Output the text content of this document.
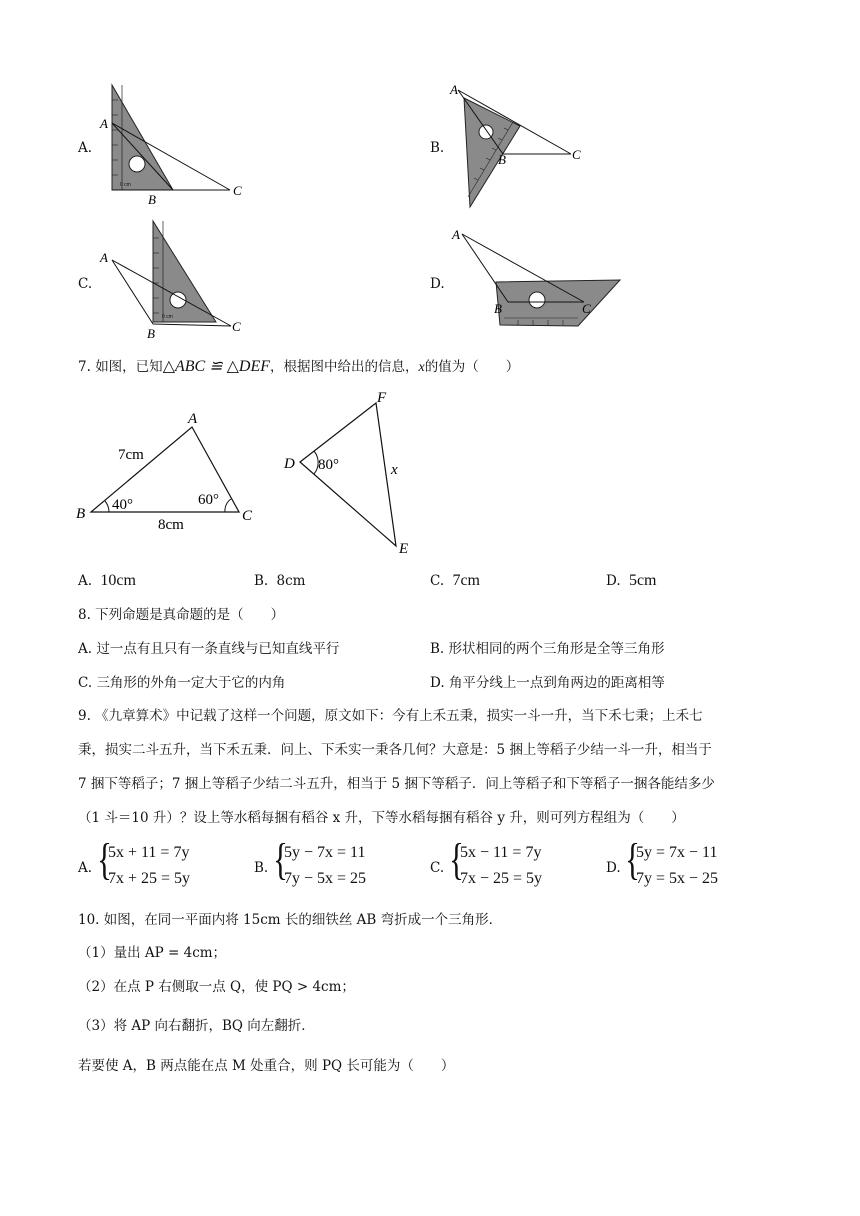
A.
0 cm
A
B
C
B.
A
B	C
C.
0 cm
A
B	C
D.
A
B	C
7. 如图，已知△ABC ≌ △DEF，根据图中给出的信息，x的值为（　　）
A
B	C
7cm
8cm
40°	60°
D
E
F
80°	x
A. 10cm	B. 8cm	C. 7cm	D. 5cm
8. 下列命题是真命题的是（　　）
A. 过一点有且只有一条直线与已知直线平行	B. 形状相同的两个三角形是全等三角形
C. 三角形的外角一定大于它的内角	D. 角平分线上一点到角两边的距离相等
9. 《九章算术》中记载了这样一个问题，原文如下：今有上禾五秉，损实一斗一升，当下禾七秉；上禾七
秉，损实二斗五升，当下禾五秉．问上、下禾实一秉各几何？大意是：5 捆上等稻子少结一斗一升，相当于
7 捆下等稻子；7 捆上等稻子少结二斗五升，相当于 5 捆下等稻子．问上等稻子和下等稻子一捆各能结多少
（1 斗＝10 升）？设上等水稻每捆有稻谷 x 升，下等水稻每捆有稻谷 y 升，则可列方程组为（　　）
A. {
5x + 11 = 7y
7x + 25 = 5y
B. {
5y − 7x = 11
7y − 5x = 25
C. {
5x − 11 = 7y
7x − 25 = 5y
D. {
5y = 7x − 11
7y = 5x − 25
10. 如图，在同一平面内将 15cm 长的细铁丝 AB 弯折成一个三角形．
（1）量出 AP = 4cm；
（2）在点 P 右侧取一点 Q，使 PQ > 4cm；
（3）将 AP 向右翻折，BQ 向左翻折．
若要使 A，B 两点能在点 M 处重合，则 PQ 长可能为（　　）
